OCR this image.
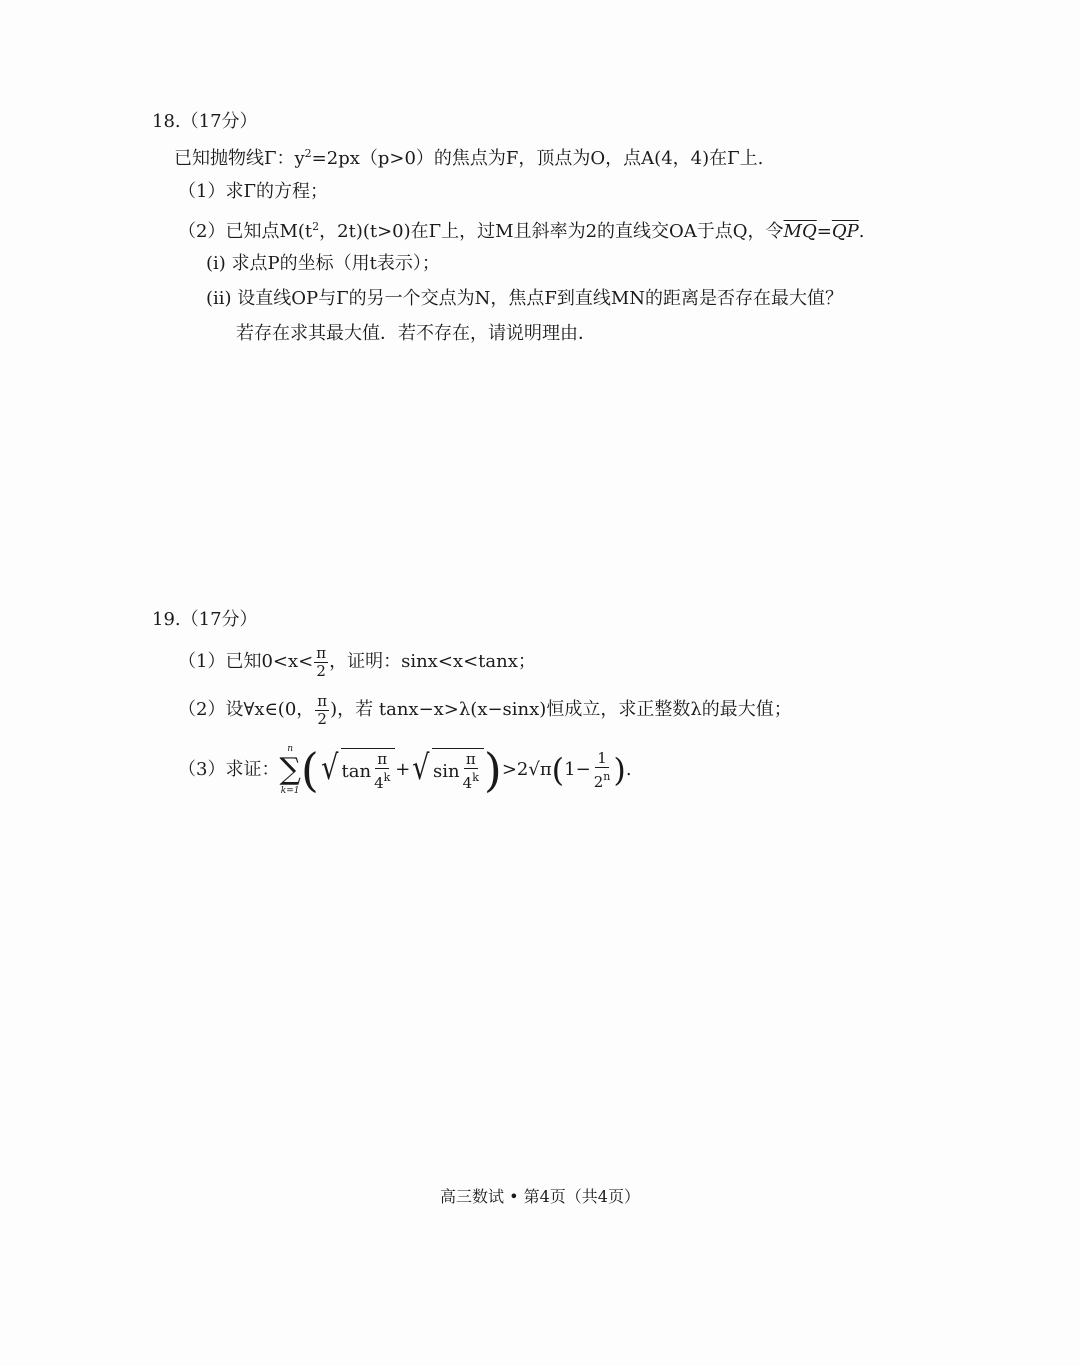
18.（17分）
已知抛物线Γ：$y^2=2px(p>0)$的焦点为F，顶点为O，点A(4，4)在Γ上.
（1）求Γ的方程；
（2）已知点$M(t^2$，2t)(t>0)在Γ上，过M且斜率为2的直线交OA于点Q，令$\overline{MQ}=\overline{QP}$.
(i) 求点P的坐标（用t表示）；
(ii) 设直线OP与Γ的另一个交点为N，焦点F到直线MN的距离是否存在最大值？
若存在求其最大值．若不存在，请说明理由．
19.（17分）
（1）已知$0<x< \frac{\pi}{2}$ ，证明：sinx<x<tanx；
（2）设∀x∈(0， $\frac{\pi}{2}$ )，若 tanx−x>λ(x−sinx)恒成立，求正整数λ的最大值；
（3）求证：
n
∑
k=1 ( √ $\tan \frac{\pi}{4^k}$ + √ $\sin \frac{\pi}{4^k}$ ) >2√π ( $1- \frac{1}{2^n}$ ) .
高三数试 • 第4页（共4页）
